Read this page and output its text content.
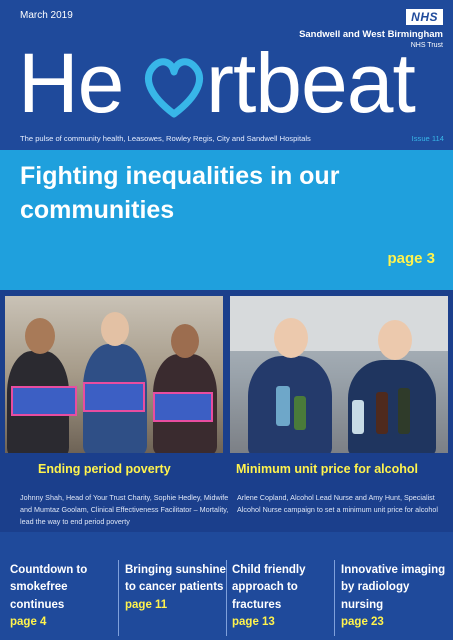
March 2019	NHS
Sandwell and West Birmingham
NHS Trust
He rtbeat
The pulse of community health, Leasowes, Rowley Regis, City and Sandwell Hospitals	Issue 114
Fighting inequalities in our communities
page 3
Ending period poverty
Johnny Shah, Head of Your Trust Charity, Sophie Hedley, Midwife and Mumtaz Goolam, Clinical Effectiveness Facilitator – Mortality, lead the way to end period poverty
Minimum unit price for alcohol
Arlene Copland, Alcohol Lead Nurse and Amy Hunt, Specialist Alcohol Nurse campaign to set a minimum unit price for alcohol
Countdown to smokefree continues
page 4
Bringing sunshine to cancer patients
page 11
Child friendly approach to fractures
page 13
Innovative imaging by radiology nursing
page 23
